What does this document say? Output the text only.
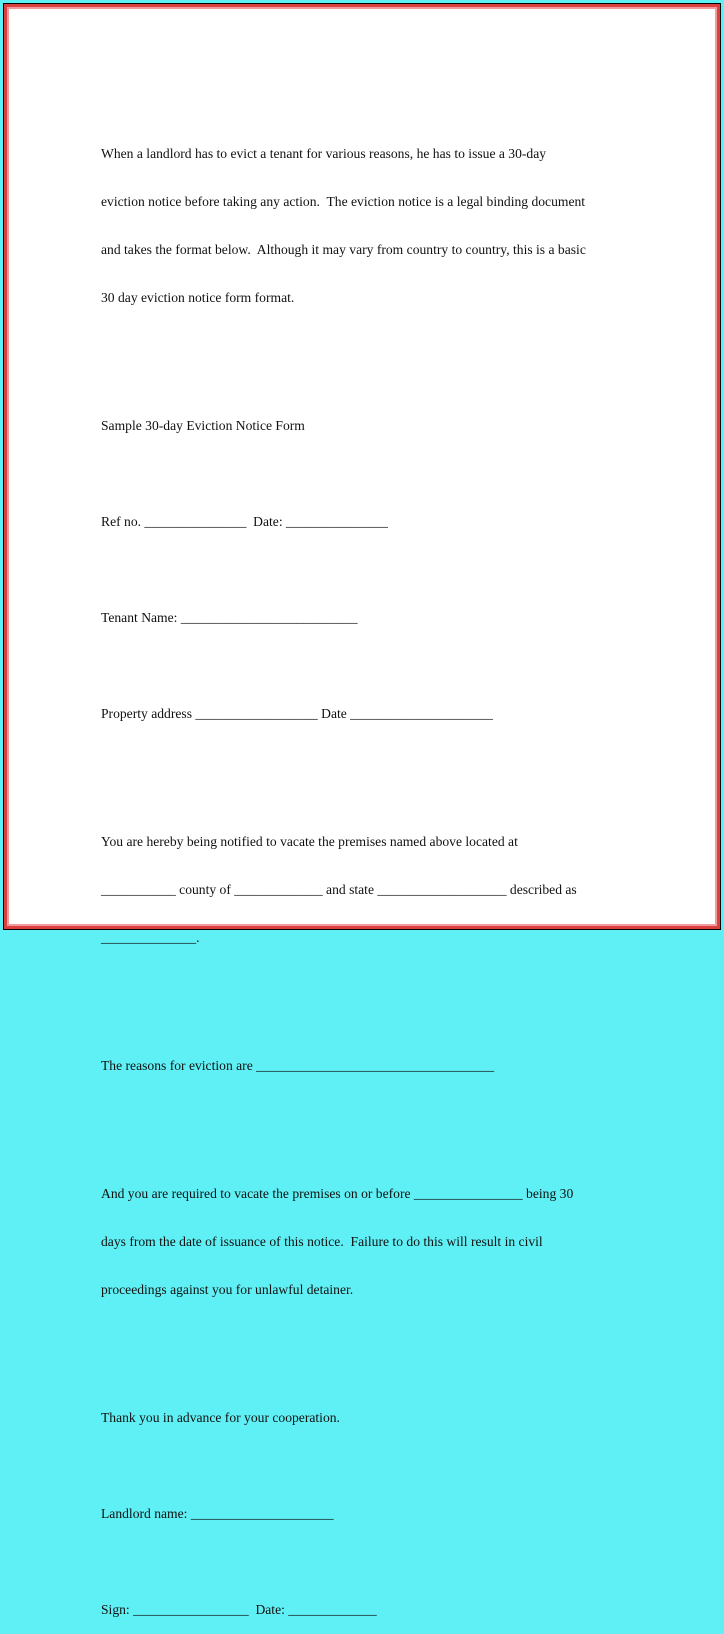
When a landlord has to evict a tenant for various reasons, he has to issue a 30-day

eviction notice before taking any action.  The eviction notice is a legal binding document

and takes the format below.  Although it may vary from country to country, this is a basic

30 day eviction notice form format.

Sample 30-day Eviction Notice Form

Ref no. _______________  Date: _______________

Tenant Name: __________________________

Property address __________________ Date _____________________

You are hereby being notified to vacate the premises named above located at

___________ county of _____________ and state ___________________ described as

______________.

The reasons for eviction are ___________________________________

And you are required to vacate the premises on or before ________________ being 30

days from the date of issuance of this notice.  Failure to do this will result in civil

proceedings against you for unlawful detainer.

Thank you in advance for your cooperation.

Landlord name: _____________________

Sign: _________________  Date: _____________
